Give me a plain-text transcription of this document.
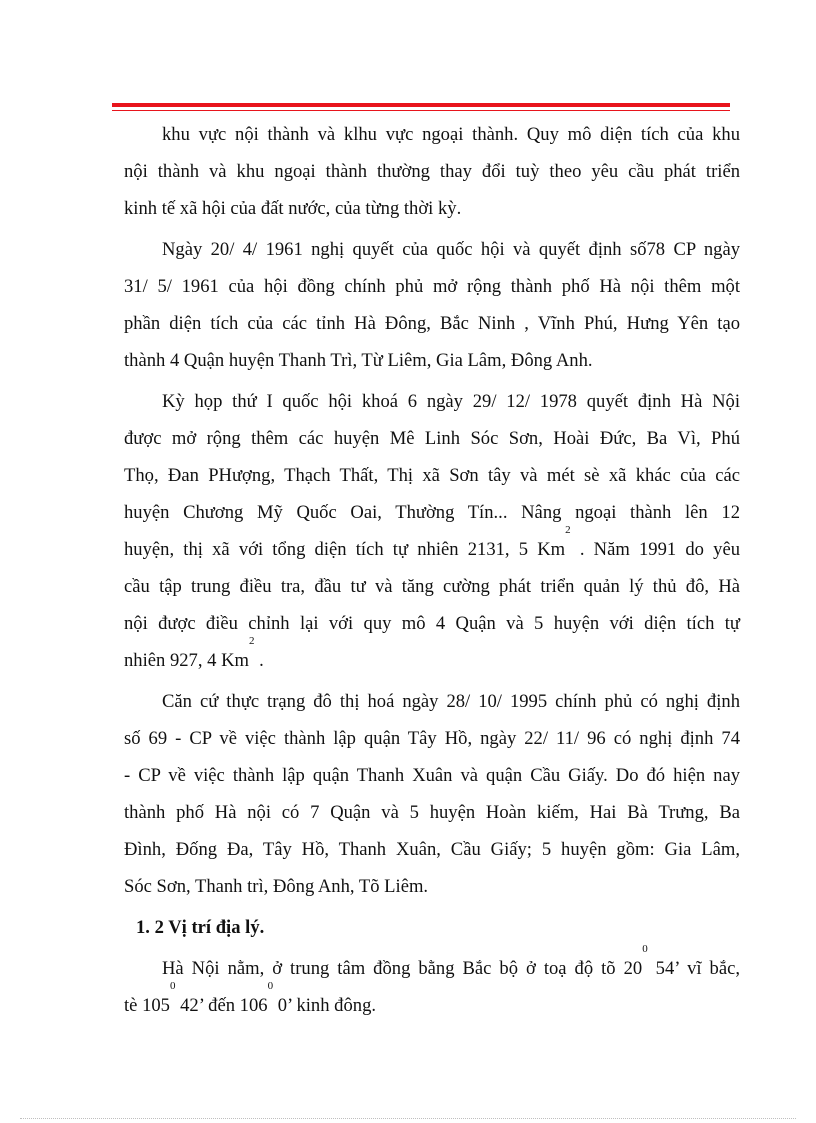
khu vực nội thành và klhu vực ngoại thành. Quy mô diện tích của khu
nội thành và khu ngoại thành thường thay đổi tuỳ theo yêu cầu phát triển
kinh tế xã hội của đất nước, của từng thời kỳ.

Ngày 20/ 4/ 1961 nghị quyết của quốc hội và quyết định số78 CP ngày
31/ 5/ 1961 của hội đồng chính phủ mở rộng thành phố Hà nội thêm một
phần diện tích của các tỉnh Hà Đông, Bắc Ninh , Vĩnh Phú, Hưng Yên tạo
thành 4 Quận huyện Thanh Trì, Từ Liêm, Gia Lâm, Đông Anh.

Kỳ họp thứ I quốc hội khoá 6 ngày 29/ 12/ 1978 quyết định Hà Nội
được mở rộng thêm các huyện Mê Linh Sóc Sơn, Hoài Đức, Ba Vì, Phú
Thọ, Đan PHượng, Thạch Thất, Thị xã Sơn tây và mét sè xã khác của các
huyện Chương Mỹ Quốc Oai, Thường Tín... Nâng ngoại thành lên 12
huyện, thị xã với tổng diện tích tự nhiên 2131, 5 Km$^2$ . Năm 1991 do yêu
cầu tập trung điều tra, đầu tư và tăng cường phát triển quản lý thủ đô, Hà
nội được điều chỉnh lại với quy mô 4 Quận và 5 huyện với diện tích tự
nhiên 927, 4 Km$^2$ .

Căn cứ thực trạng đô thị hoá ngày 28/ 10/ 1995 chính phủ có nghị định
số 69 - CP về việc thành lập quận Tây Hồ, ngày 22/ 11/ 96 có nghị định 74
- CP về việc thành lập quận Thanh Xuân và quận Cầu Giấy. Do đó hiện nay
thành phố Hà nội có 7 Quận và 5 huyện Hoàn kiếm, Hai Bà Trưng, Ba
Đình, Đống Đa, Tây Hồ, Thanh Xuân, Cầu Giấy; 5 huyện gồm: Gia Lâm,
Sóc Sơn, Thanh trì, Đông Anh, Tõ Liêm.

1. 2 Vị trí địa lý.

Hà Nội nằm, ở trung tâm đồng bằng Bắc bộ ở toạ độ tõ $20^0$ 54’ vĩ bắc,
tè $105^0$ 42’ đến $106^0$ 0’ kinh đông.
